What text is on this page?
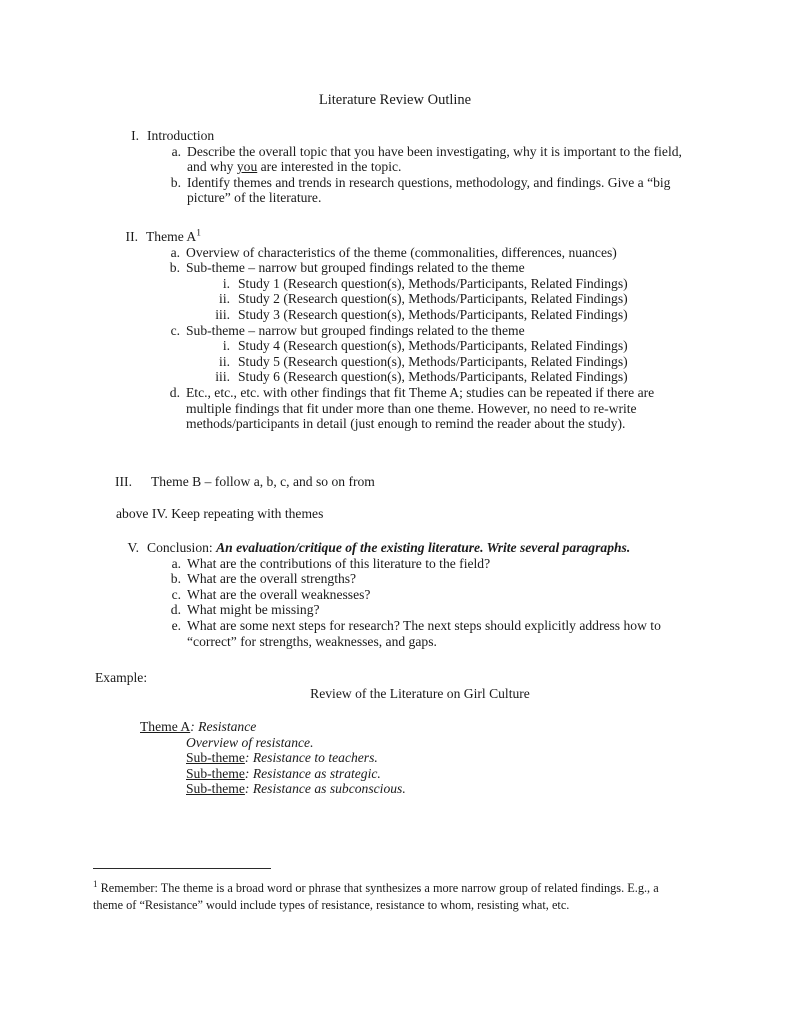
Literature Review Outline
I. Introduction
a. Describe the overall topic that you have been investigating, why it is important to the field, and why you are interested in the topic.
b. Identify themes and trends in research questions, methodology, and findings. Give a “big picture” of the literature.
II. Theme A$^1$
a. Overview of characteristics of the theme (commonalities, differences, nuances)
b. Sub-theme – narrow but grouped findings related to the theme
i. Study 1 (Research question(s), Methods/Participants, Related Findings)
ii. Study 2 (Research question(s), Methods/Participants, Related Findings)
iii. Study 3 (Research question(s), Methods/Participants, Related Findings)
c. Sub-theme – narrow but grouped findings related to the theme
i. Study 4 (Research question(s), Methods/Participants, Related Findings)
ii. Study 5 (Research question(s), Methods/Participants, Related Findings)
iii. Study 6 (Research question(s), Methods/Participants, Related Findings)
d. Etc., etc., etc. with other findings that fit Theme A; studies can be repeated if there are multiple findings that fit under more than one theme. However, no need to re-write methods/participants in detail (just enough to remind the reader about the study).
III.	Theme B – follow a, b, c, and so on from
above IV. Keep repeating with themes
V. Conclusion: An evaluation/critique of the existing literature. Write several paragraphs.
a. What are the contributions of this literature to the field?
b. What are the overall strengths?
c. What are the overall weaknesses?
d. What might be missing?
e. What are some next steps for research? The next steps should explicitly address how to “correct” for strengths, weaknesses, and gaps.
Example:
Review of the Literature on Girl Culture
Theme A: Resistance
Overview of resistance.
Sub-theme: Resistance to teachers.
Sub-theme: Resistance as strategic.
Sub-theme: Resistance as subconscious.
$^1$ Remember: The theme is a broad word or phrase that synthesizes a more narrow group of related findings. E.g., a theme of “Resistance” would include types of resistance, resistance to whom, resisting what, etc.
